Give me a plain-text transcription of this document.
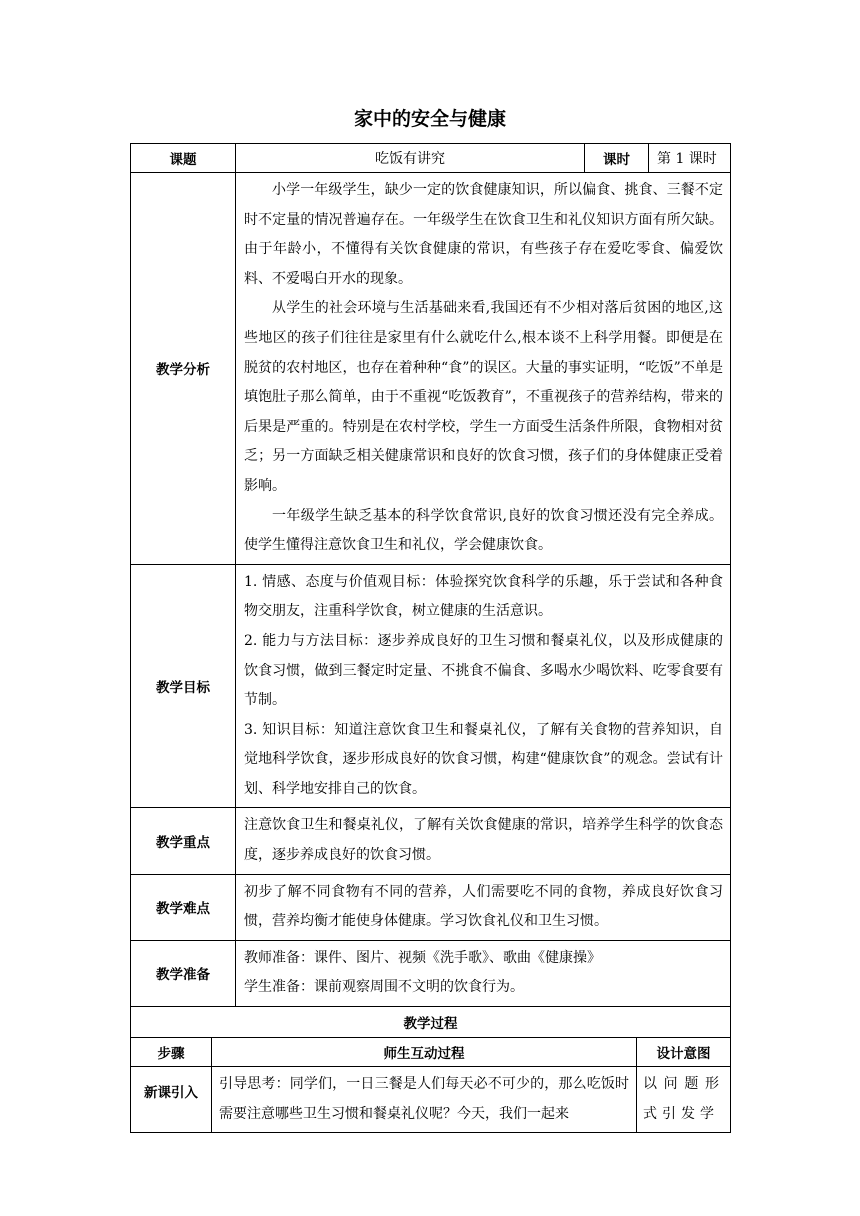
家中的安全与健康
课题		吃饭有讲究	课时		第 1 课时
教学分析		小学一年级学生，缺少一定的饮食健康知识，所以偏食、挑食、三餐不定时不定量的情况普遍存在。一年级学生在饮食卫生和礼仪知识方面有所欠缺。由于年龄小，不懂得有关饮食健康的常识，有些孩子存在爱吃零食、偏爱饮料、不爱喝白开水的现象。

从学生的社会环境与生活基础来看,我国还有不少相对落后贫困的地区,这些地区的孩子们往往是家里有什么就吃什么,根本谈不上科学用餐。即便是在脱贫的农村地区，也存在着种种“食”的误区。大量的事实证明，“吃饭”不单是填饱肚子那么简单，由于不重视“吃饭教育”，不重视孩子的营养结构，带来的后果是严重的。特别是在农村学校，学生一方面受生活条件所限，食物相对贫乏；另一方面缺乏相关健康常识和良好的饮食习惯，孩子们的身体健康正受着影响。

一年级学生缺乏基本的科学饮食常识,良好的饮食习惯还没有完全养成。使学生懂得注意饮食卫生和礼仪，学会健康饮食。			

教学目标		1. 情感、态度与价值观目标：体验探究饮食科学的乐趣，乐于尝试和各种食物交朋友，注重科学饮食，树立健康的生活意识。

2. 能力与方法目标：逐步养成良好的卫生习惯和餐桌礼仪，以及形成健康的饮食习惯，做到三餐定时定量、不挑食不偏食、多喝水少喝饮料、吃零食要有节制。

3. 知识目标：知道注意饮食卫生和餐桌礼仪，了解有关食物的营养知识，自觉地科学饮食，逐步形成良好的饮食习惯，构建“健康饮食”的观念。尝试有计划、科学地安排自己的饮食。			

教学重点		注意饮食卫生和餐桌礼仪，了解有关饮食健康的常识，培养学生科学的饮食态度，逐步养成良好的饮食习惯。			
教学难点		初步了解不同食物有不同的营养，人们需要吃不同的食物，养成良好饮食习惯，营养均衡才能使身体健康。学习饮食礼仪和卫生习惯。			
教学准备		教师准备：课件、图片、视频《洗手歌》、歌曲《健康操》

学生准备：课前观察周围不文明的饮食行为。			

教学过程					
步骤	师生互动过程			设计意图	
新课引入	引导思考：同学们，一日三餐是人们每天必不可少的，那么吃饭时需要注意哪些卫生习惯和餐桌礼仪呢？今天，我们一起来			以问题形式引发学	
